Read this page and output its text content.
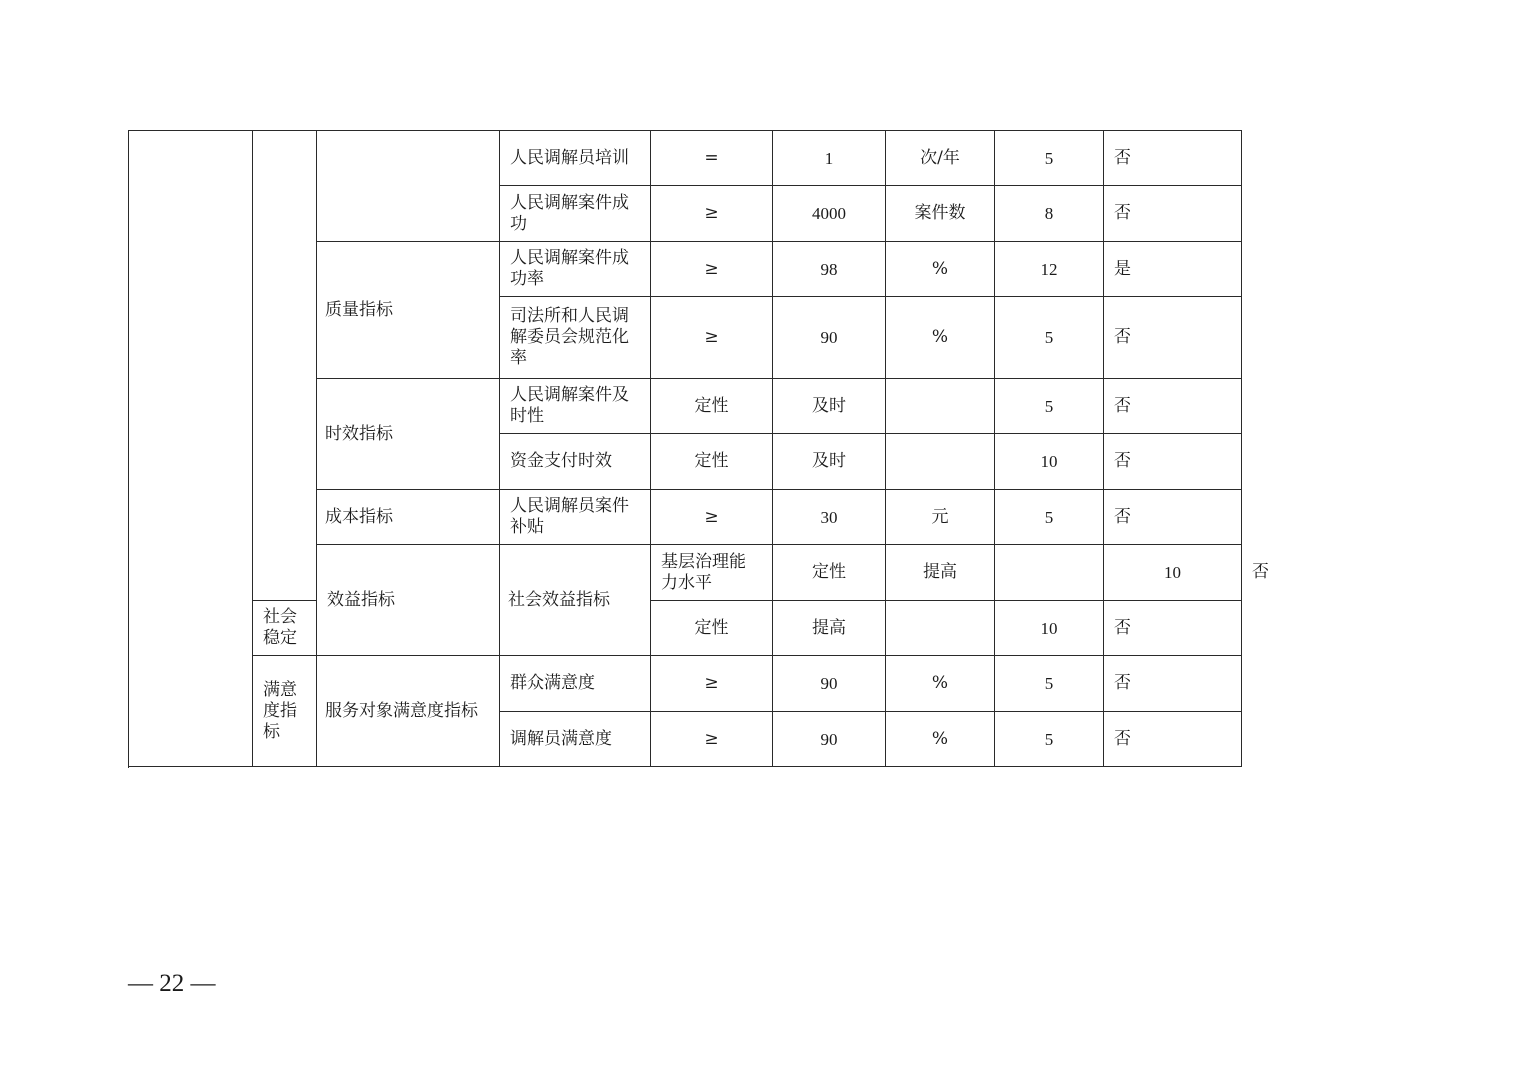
			人民调解员培训	=	1	次/年	5	否	
			人民调解案件成功	≥	4000	案件数	8	否	
		质量指标	人民调解案件成功率	≥	98	%	12	是	
			司法所和人民调解委员会规范化率	≥	90	%	5	否	
		时效指标	人民调解案件及时性	定性	及时		5	否	
			资金支付时效	定性	及时		10	否	
		成本指标	人民调解员案件补贴	≥	30	元	5	否	
		效益指标	社会效益指标	基层治理能力水平	定性	提高		10	否
	社会稳定			定性	提高		10	否	
	满意度指标	服务对象满意度指标	群众满意度	≥	90	%	5	否	
			调解员满意度	≥	90	%	5	否	

— 22 —
